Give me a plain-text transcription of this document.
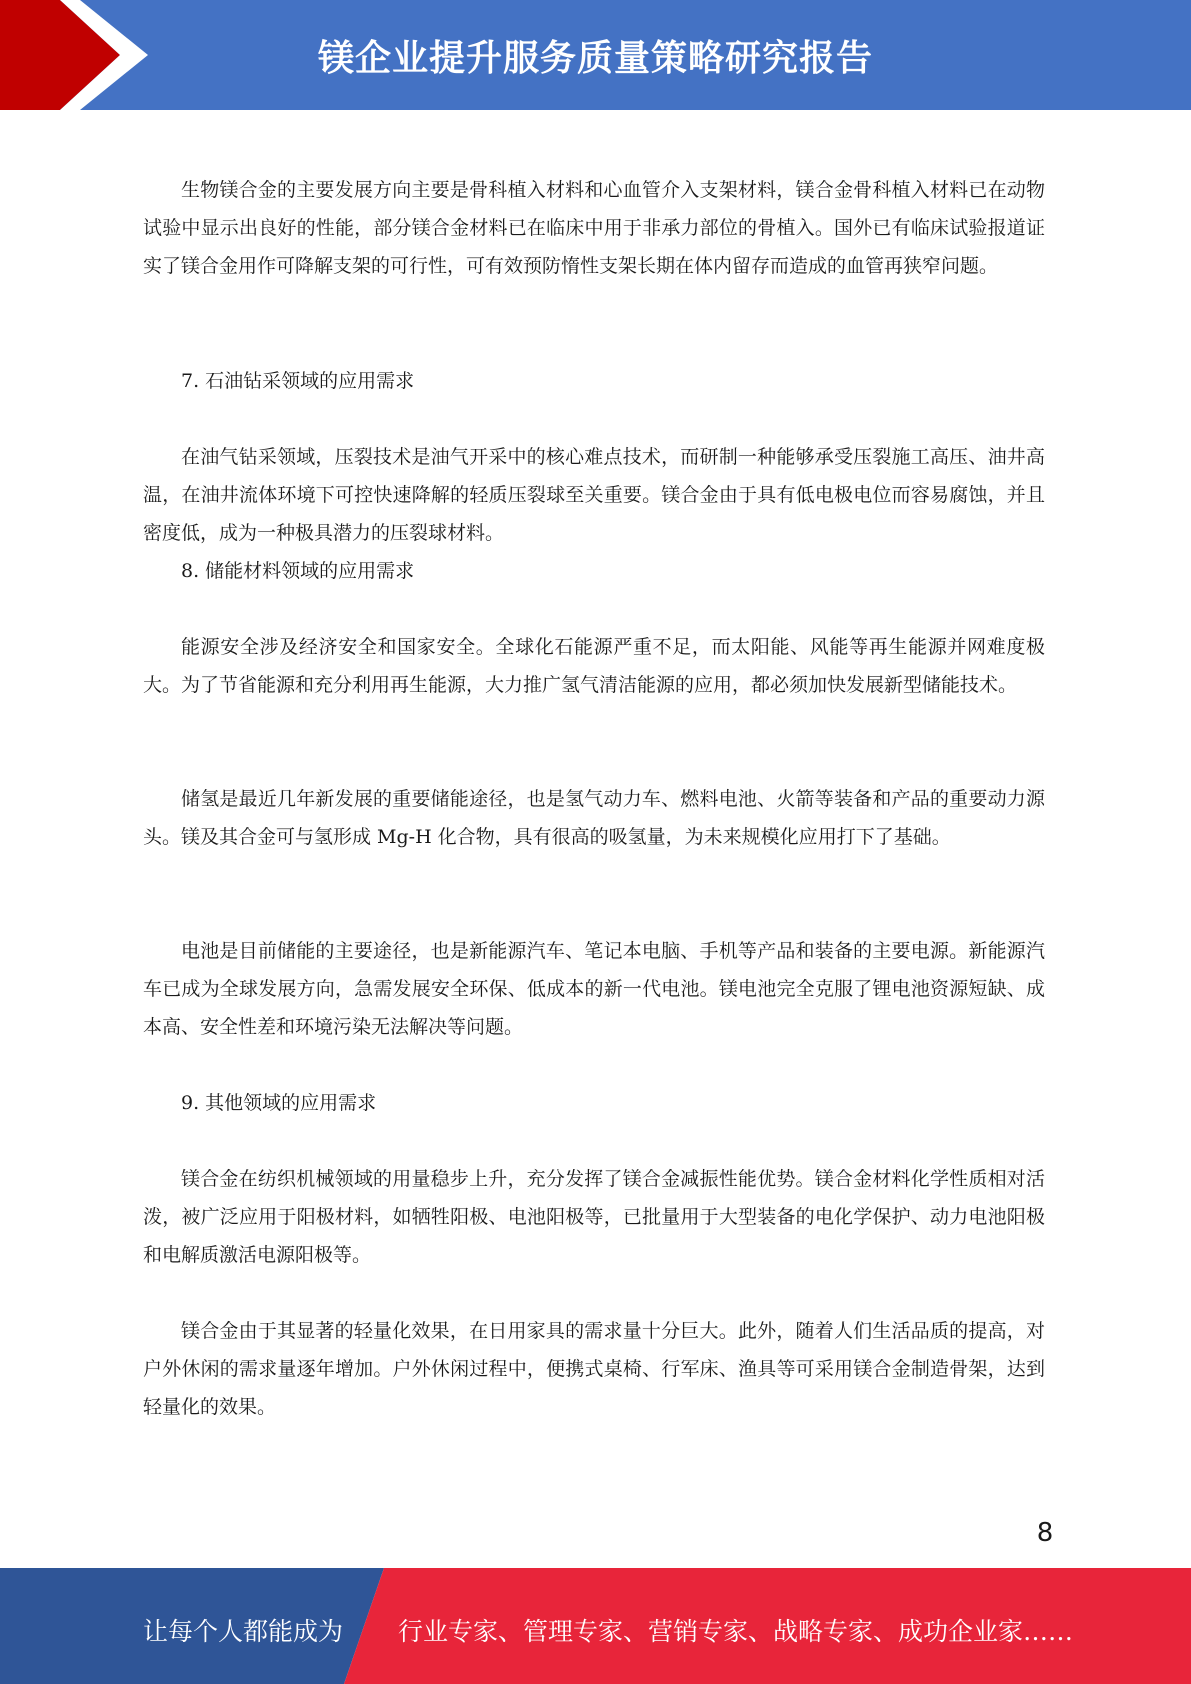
镁企业提升服务质量策略研究报告

生物镁合金的主要发展方向主要是骨科植入材料和心血管介入支架材料，镁合金骨科植入材料已在动物试验中显示出良好的性能，部分镁合金材料已在临床中用于非承力部位的骨植入。国外已有临床试验报道证实了镁合金用作可降解支架的可行性，可有效预防惰性支架长期在体内留存而造成的血管再狭窄问题。

7. 石油钻采领域的应用需求

在油气钻采领域，压裂技术是油气开采中的核心难点技术，而研制一种能够承受压裂施工高压、油井高温，在油井流体环境下可控快速降解的轻质压裂球至关重要。镁合金由于具有低电极电位而容易腐蚀，并且密度低，成为一种极具潜力的压裂球材料。

8. 储能材料领域的应用需求

能源安全涉及经济安全和国家安全。全球化石能源严重不足，而太阳能、风能等再生能源并网难度极大。为了节省能源和充分利用再生能源，大力推广氢气清洁能源的应用，都必须加快发展新型储能技术。

储氢是最近几年新发展的重要储能途径，也是氢气动力车、燃料电池、火箭等装备和产品的重要动力源头。镁及其合金可与氢形成 Mg-H 化合物，具有很高的吸氢量，为未来规模化应用打下了基础。

电池是目前储能的主要途径，也是新能源汽车、笔记本电脑、手机等产品和装备的主要电源。新能源汽车已成为全球发展方向，急需发展安全环保、低成本的新一代电池。镁电池完全克服了锂电池资源短缺、成本高、安全性差和环境污染无法解决等问题。

9. 其他领域的应用需求

镁合金在纺织机械领域的用量稳步上升，充分发挥了镁合金减振性能优势。镁合金材料化学性质相对活泼，被广泛应用于阳极材料，如牺牲阳极、电池阳极等，已批量用于大型装备的电化学保护、动力电池阳极和电解质激活电源阳极等。

镁合金由于其显著的轻量化效果，在日用家具的需求量十分巨大。此外，随着人们生活品质的提高，对户外休闲的需求量逐年增加。户外休闲过程中，便携式桌椅、行军床、渔具等可采用镁合金制造骨架，达到轻量化的效果。

8
让每个人都能成为 行业专家、管理专家、营销专家、战略专家、成功企业家……
